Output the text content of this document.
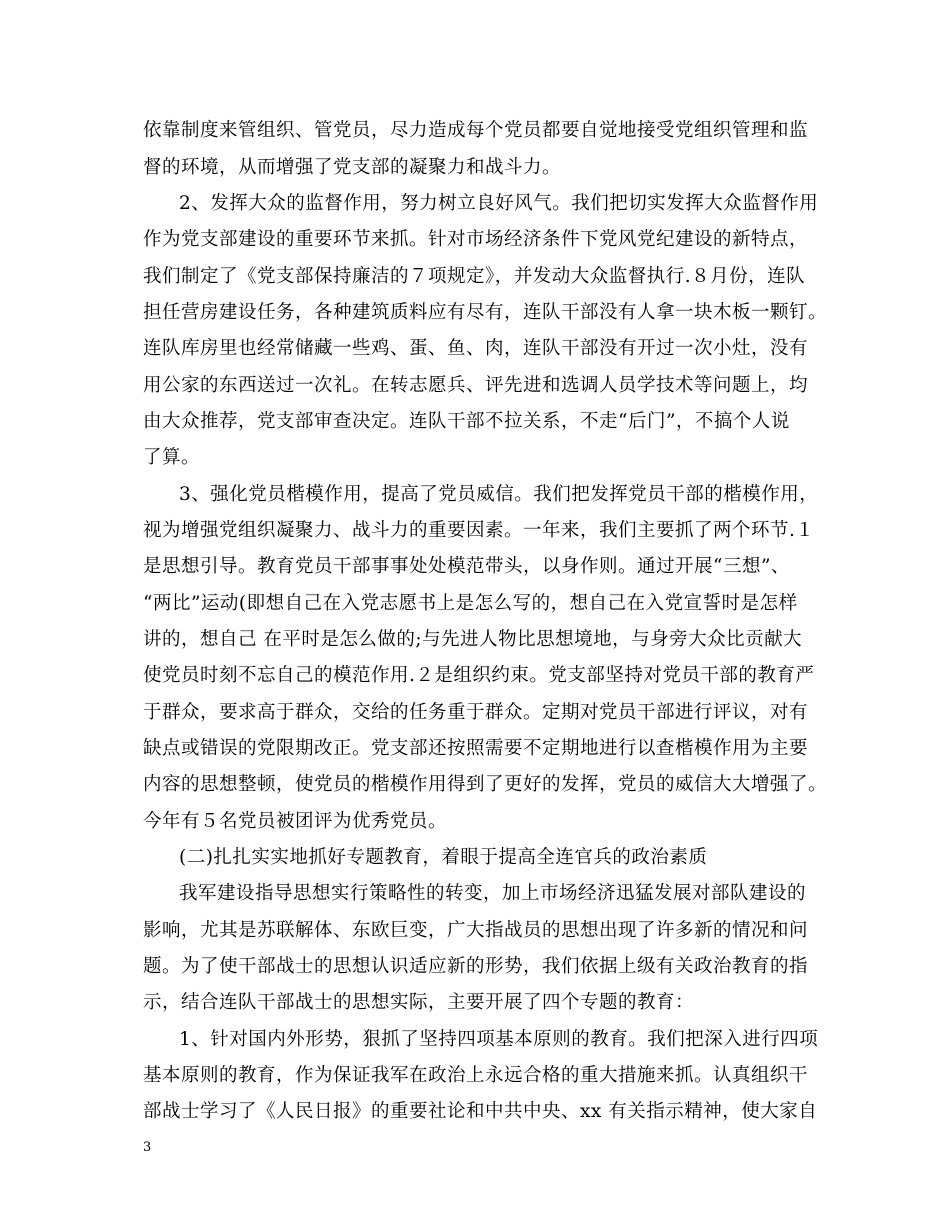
依靠制度来管组织、管党员，尽力造成每个党员都要自觉地接受党组织管理和监
督的环境，从而增强了党支部的凝聚力和战斗力。
2、发挥大众的监督作用，努力树立良好风气。我们把切实发挥大众监督作用
作为党支部建设的重要环节来抓。针对市场经济条件下党风党纪建设的新特点，
我们制定了《党支部保持廉洁的７项规定》，并发动大众监督执行.８月份，连队
担任营房建设任务，各种建筑质料应有尽有，连队干部没有人拿一块木板一颗钉。
连队库房里也经常储藏一些鸡、蛋、鱼、肉，连队干部没有开过一次小灶，没有
用公家的东西送过一次礼。在转志愿兵、评先进和选调人员学技术等问题上，均
由大众推荐，党支部审查决定。连队干部不拉关系，不走“后门”，不搞个人说
了算。
3、强化党员楷模作用，提高了党员威信。我们把发挥党员干部的楷模作用，
视为增强党组织凝聚力、战斗力的重要因素。一年来，我们主要抓了两个环节.１
是思想引导。教育党员干部事事处处模范带头，以身作则。通过开展“三想”、
“两比”运动(即想自己在入党志愿书上是怎么写的，想自己在入党宣誓时是怎样
讲的，想自己 在平时是怎么做的;与先进人物比思想境地，与身旁大众比贡献大
使党员时刻不忘自己的模范作用.２是组织约束。党支部坚持对党员干部的教育严
于群众，要求高于群众，交给的任务重于群众。定期对党员干部进行评议，对有
缺点或错误的党限期改正。党支部还按照需要不定期地进行以查楷模作用为主要
内容的思想整顿，使党员的楷模作用得到了更好的发挥，党员的威信大大增强了。
今年有５名党员被团评为优秀党员。
(二)扎扎实实地抓好专题教育，着眼于提高全连官兵的政治素质
我军建设指导思想实行策略性的转变，加上市场经济迅猛发展对部队建设的
影响，尤其是苏联解体、东欧巨变，广大指战员的思想出现了许多新的情况和问
题。为了使干部战士的思想认识适应新的形势，我们依据上级有关政治教育的指
示，结合连队干部战士的思想实际，主要开展了四个专题的教育：
1、针对国内外形势，狠抓了坚持四项基本原则的教育。我们把深入进行四项
基本原则的教育，作为保证我军在政治上永远合格的重大措施来抓。认真组织干
部战士学习了《人民日报》的重要社论和中共中央、xx 有关指示精神，使大家自
3
